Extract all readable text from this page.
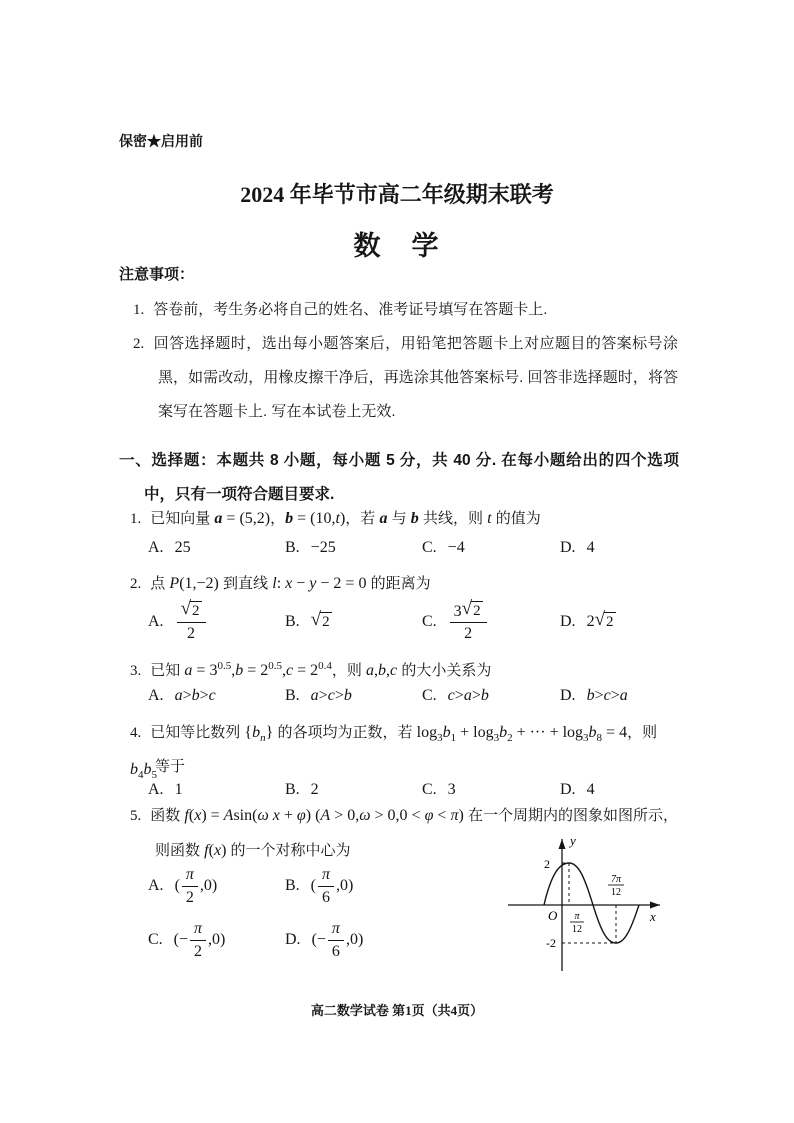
保密★启用前
2024 年毕节市高二年级期末联考
数　学
注意事项：
1. 答卷前，考生务必将自己的姓名、准考证号填写在答题卡上.
2. 回答选择题时，选出每小题答案后，用铅笔把答题卡上对应题目的答案标号涂黑，如需改动，用橡皮擦干净后，再选涂其他答案标号. 回答非选择题时，将答案写在答题卡上. 写在本试卷上无效.
一、选择题：本题共 8 小题，每小题 5 分，共 40 分. 在每小题给出的四个选项中，只有一项符合题目要求.
1. 已知向量 a = (5,2)，b = (10,t)，若 a 与 b 共线，则 t 的值为
A. 25	B. −25	C. −4	D. 4
2. 点 P(1,−2) 到直线 l: x − y − 2 = 0 的距离为
A. $\frac{√ 2}{2}$	B. √ 2	C. $\frac{3 √ 2}{2}$	D. 2 √ 2
3. 已知 $a = 3^{0.5},b = 2^{0.5},c = 2^{0.4}$，则 a,b,c 的大小关系为
A. a > b > c	B. a > c > b	C. c > a > b	D. b > c > a
4. 已知等比数列 $\{b_n\}$ 的各项均为正数，若 $\log_3b_1 + \log_3b_2$ + ··· + $\log_3b_8 = 4$，则 $b_4b_5$
等于
A. 1	B. 2	C. 3	D. 4
5. 函数 f(x) = Asin(ω x + φ) (A > 0,ω > 0,0 < φ < π) 在一个周期内的图象如图所示，
则函数 f(x) 的一个对称中心为
A. ( $\frac{\pi}{2} ,0$)	B. ( $\frac{\pi}{6} ,0$)
C. (− $\frac{\pi}{2} ,0$)	D. (− $\frac{\pi}{6} ,0$)
y
x
O
2
-2
π
12
7π
12
高二数学试卷 第1页（共4页）
